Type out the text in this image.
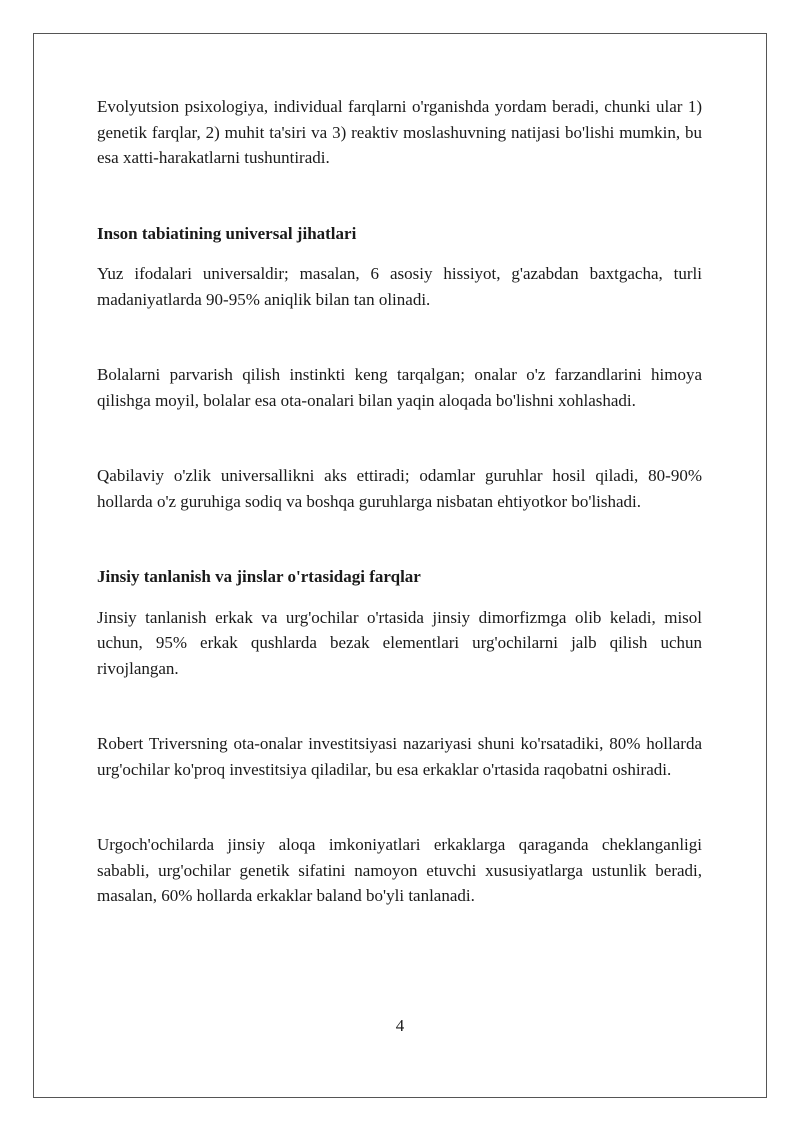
Evolyutsion psixologiya, individual farqlarni o'rganishda yordam beradi, chunki ular 1) genetik farqlar, 2) muhit ta'siri va 3) reaktiv moslashuvning natijasi bo'lishi mumkin, bu esa xatti-harakatlarni tushuntiradi.

Inson tabiatining universal jihatlari

Yuz ifodalari universaldir; masalan, 6 asosiy hissiyot, g'azabdan baxtgacha, turli madaniyatlarda 90-95% aniqlik bilan tan olinadi.

Bolalarni parvarish qilish instinkti keng tarqalgan; onalar o'z farzandlarini himoya qilishga moyil, bolalar esa ota-onalari bilan yaqin aloqada bo'lishni xohlashadi.

Qabilaviy o'zlik universallikni aks ettiradi; odamlar guruhlar hosil qiladi, 80-90% hollarda o'z guruhiga sodiq va boshqa guruhlarga nisbatan ehtiyotkor bo'lishadi.

Jinsiy tanlanish va jinslar o'rtasidagi farqlar

Jinsiy tanlanish erkak va urg'ochilar o'rtasida jinsiy dimorfizmga olib keladi, misol uchun, 95% erkak qushlarda bezak elementlari urg'ochilarni jalb qilish uchun rivojlangan.

Robert Triversning ota-onalar investitsiyasi nazariyasi shuni ko'rsatadiki, 80% hollarda urg'ochilar ko'proq investitsiya qiladilar, bu esa erkaklar o'rtasida raqobatni oshiradi.

Urgoch'ochilarda jinsiy aloqa imkoniyatlari erkaklarga qaraganda cheklanganligi sababli, urg'ochilar genetik sifatini namoyon etuvchi xususiyatlarga ustunlik beradi, masalan, 60% hollarda erkaklar baland bo'yli tanlanadi.

4
